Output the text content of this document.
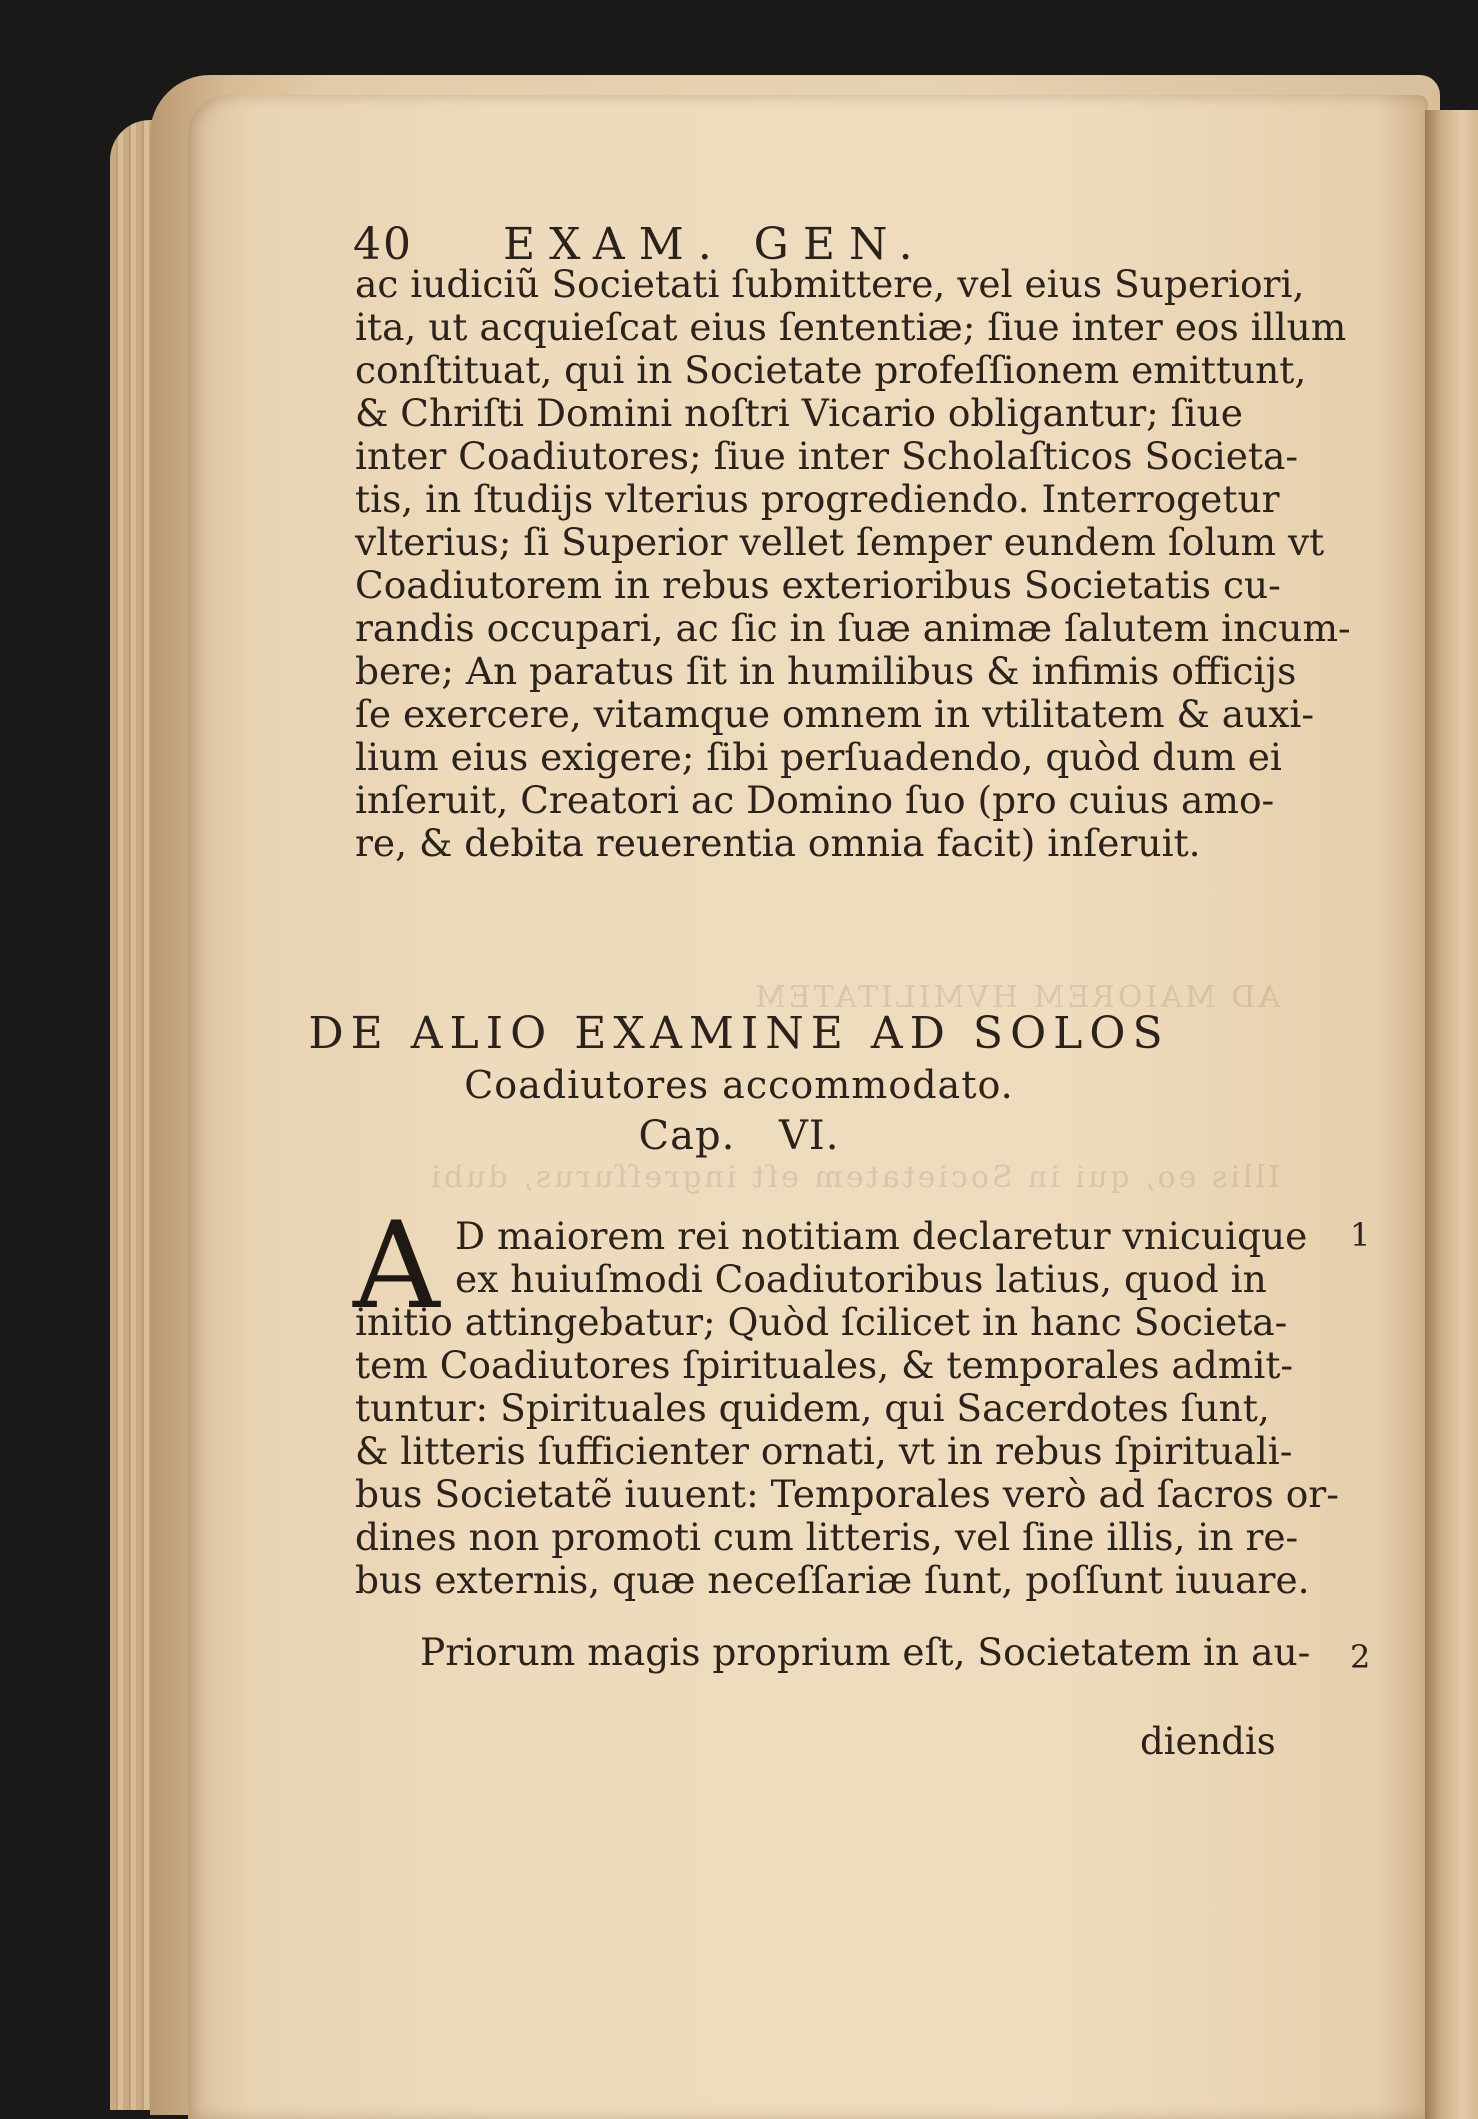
AD MAIOREM HVMILITATEM
Illis eo, qui in Societatem eſt ingreſſurus, dubi
40 EXAM. GEN.
ac iudiciũ Societati ſubmittere, vel eius Superiori,
ita, ut acquieſcat eius ſententiæ; ſiue inter eos illum
conſtituat, qui in Societate profeſſionem emittunt,
& Chriſti Domini noſtri Vicario obligantur; ſiue
inter Coadiutores; ſiue inter Scholaſticos Societa-
tis, in ſtudijs vlterius progrediendo. Interrogetur
vlterius; ſi Superior vellet ſemper eundem ſolum vt
Coadiutorem in rebus exterioribus Societatis cu-
randis occupari, ac ſic in ſuæ animæ ſalutem incum-
bere; An paratus ſit in humilibus & infimis officijs
ſe exercere, vitamque omnem in vtilitatem & auxi-
lium eius exigere; ſibi perſuadendo, quòd dum ei
inſeruit, Creatori ac Domino ſuo (pro cuius amo-
re, & debita reuerentia omnia facit) inſeruit.
DE ALIO EXAMINE AD SOLOS
Coadiutores accommodato.
Cap. VI.
A D maiorem rei notitiam declaretur vnicuique
ex huiuſmodi Coadiutoribus latius, quod in
initio attingebatur; Quòd ſcilicet in hanc Societa-
tem Coadiutores ſpirituales, & temporales admit-
tuntur: Spirituales quidem, qui Sacerdotes ſunt,
& litteris ſufficienter ornati, vt in rebus ſpirituali-
bus Societatẽ iuuent: Temporales verò ad ſacros or-
dines non promoti cum litteris, vel ſine illis, in re-
bus externis, quæ neceſſariæ ſunt, poſſunt iuuare.
1
Priorum magis proprium eſt, Societatem in au- 2
diendis
